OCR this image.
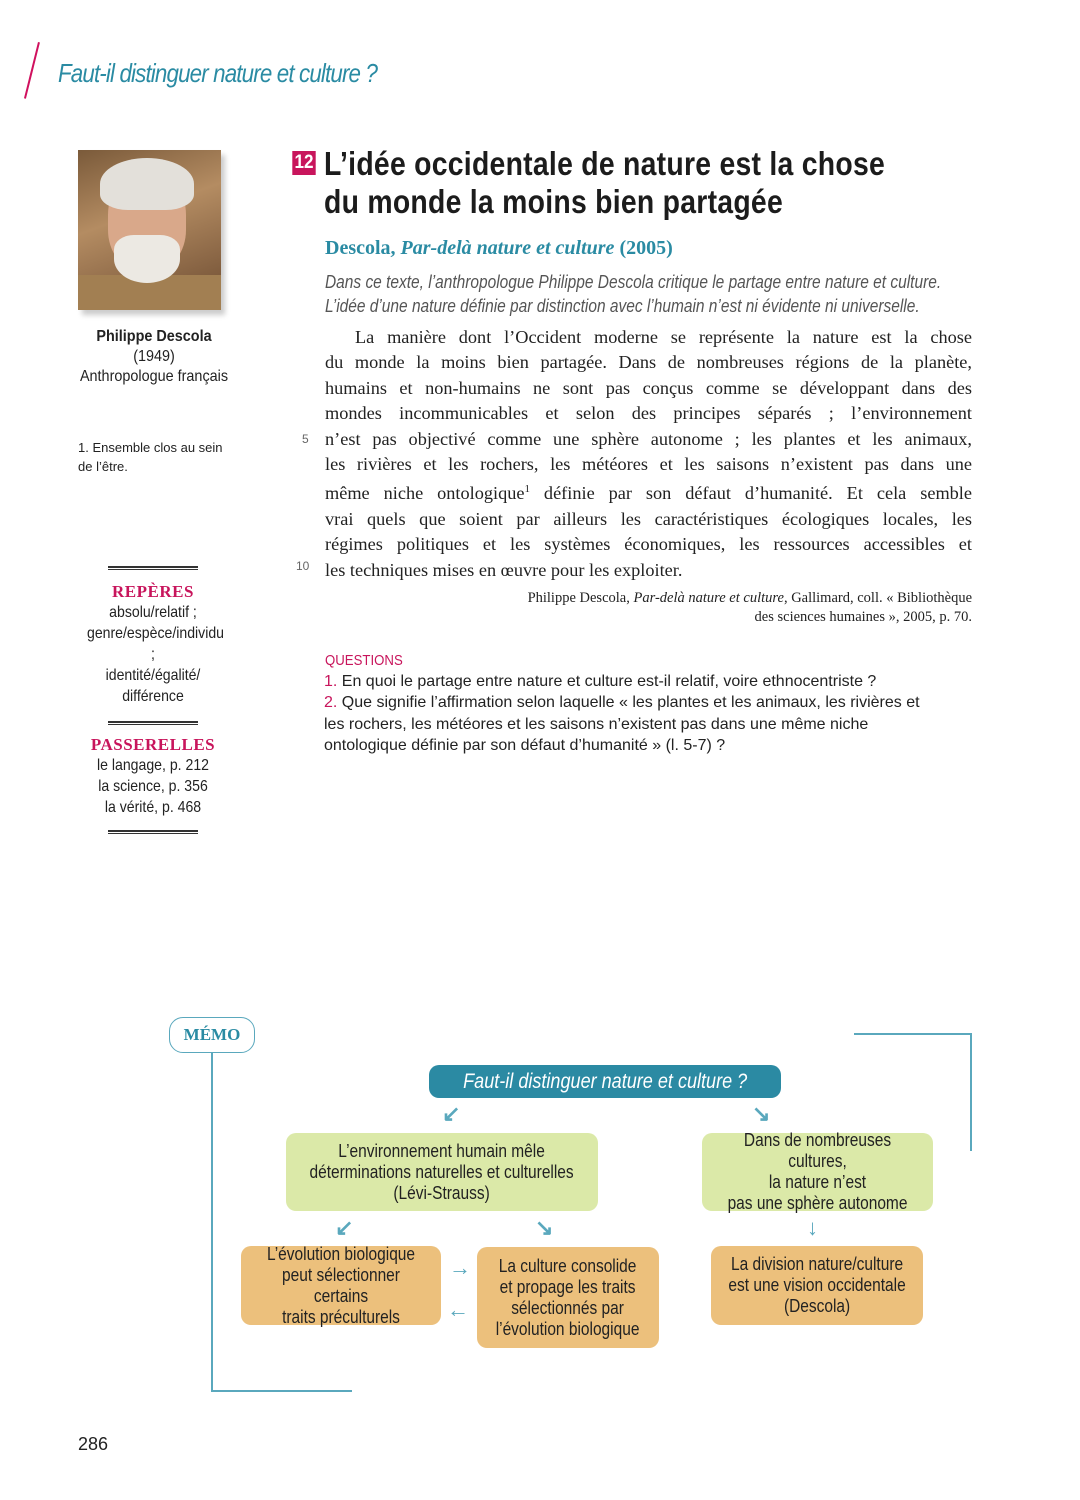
Faut-il distinguer nature et culture ?
Philippe Descola
(1949)
Anthropologue français
1. Ensemble clos au sein de l’être.
REPÈRES
absolu/relatif ;
genre/espèce/individu ;
identité/égalité/
différence
PASSERELLES
le langage, p. 212
la science, p. 356
la vérité, p. 468
12 L’idée occidentale de nature est la chose du monde la moins bien partagée
Descola, Par-delà nature et culture (2005)
Dans ce texte, l’anthropologue Philippe Descola critique le partage entre nature et culture.
L’idée d’une nature définie par distinction avec l’humain n’est ni évidente ni universelle.
La manière dont l’Occident moderne se représente la nature est la chose
du monde la moins bien partagée. Dans de nombreuses régions de la planète,
humains et non-humains ne sont pas conçus comme se développant dans des
mondes incommunicables et selon des principes séparés ; l’environnement
n’est pas objectivé comme une sphère autonome ; les plantes et les animaux,
les rivières et les rochers, les météores et les saisons n’existent pas dans une
même niche ontologique$^1$ définie par son défaut d’humanité. Et cela semble
vrai quels que soient par ailleurs les caractéristiques écologiques locales, les
régimes politiques et les systèmes économiques, les ressources accessibles et
les techniques mises en œuvre pour les exploiter.
5
10
Philippe Descola, Par-delà nature et culture, Gallimard, coll. « Bibliothèque
des sciences humaines », 2005, p. 70.
QUESTIONS
1. En quoi le partage entre nature et culture est-il relatif, voire ethnocentriste ?
2. Que signifie l’affirmation selon laquelle « les plantes et les animaux, les rivières et les rochers, les météores et les saisons n’existent pas dans une même niche ontologique définie par son défaut d’humanité » (l. 5-7) ?
MÉMO
Faut-il distinguer nature et culture ?
↙	↘
L’environnement humain mêle
déterminations naturelles et culturelles
(Lévi-Strauss)
Dans de nombreuses cultures,
la nature n’est
pas une sphère autonome
↙	↘	↓
L’évolution biologique
peut sélectionner certains
traits préculturels
→
←
La culture consolide
et propage les traits
sélectionnés par
l’évolution biologique
La division nature/culture
est une vision occidentale
(Descola)
286
